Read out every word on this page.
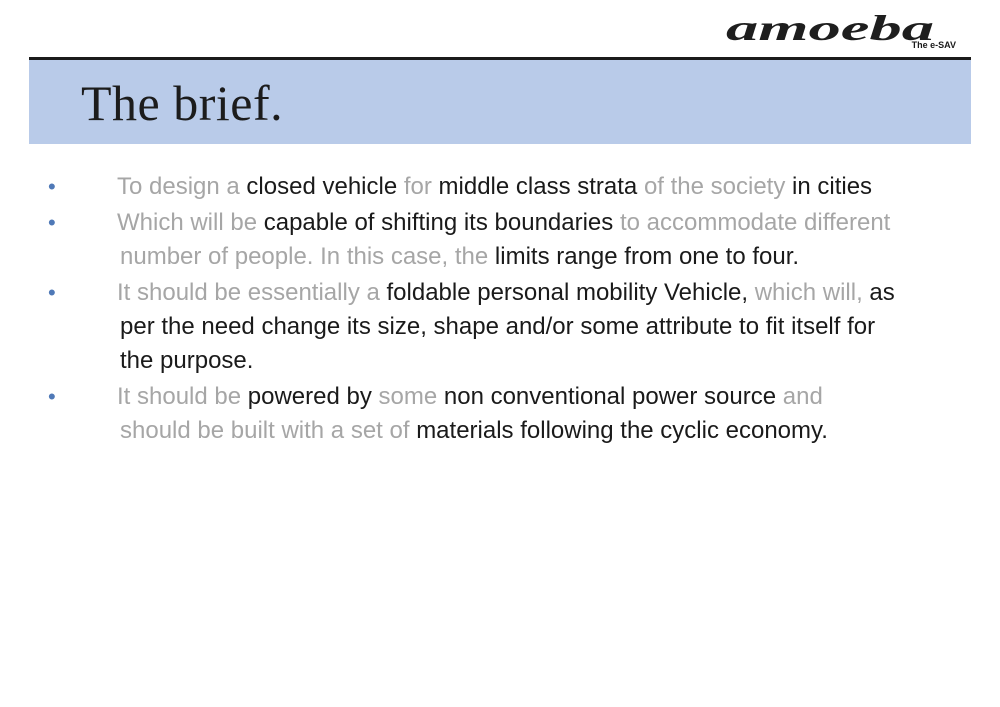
amoeba
The e-SAV
The brief.
•	To design a closed vehicle for middle class strata of the society in cities
•	Which will be capable of shifting its boundaries to accommodate different number of people. In this case, the limits range from one to four.
•	It should be essentially a foldable personal mobility Vehicle, which will, as per the need change its size, shape and/or some attribute to fit itself for the purpose.
•	It should be powered by some non conventional power source and should be built with a set of materials following the cyclic economy.
